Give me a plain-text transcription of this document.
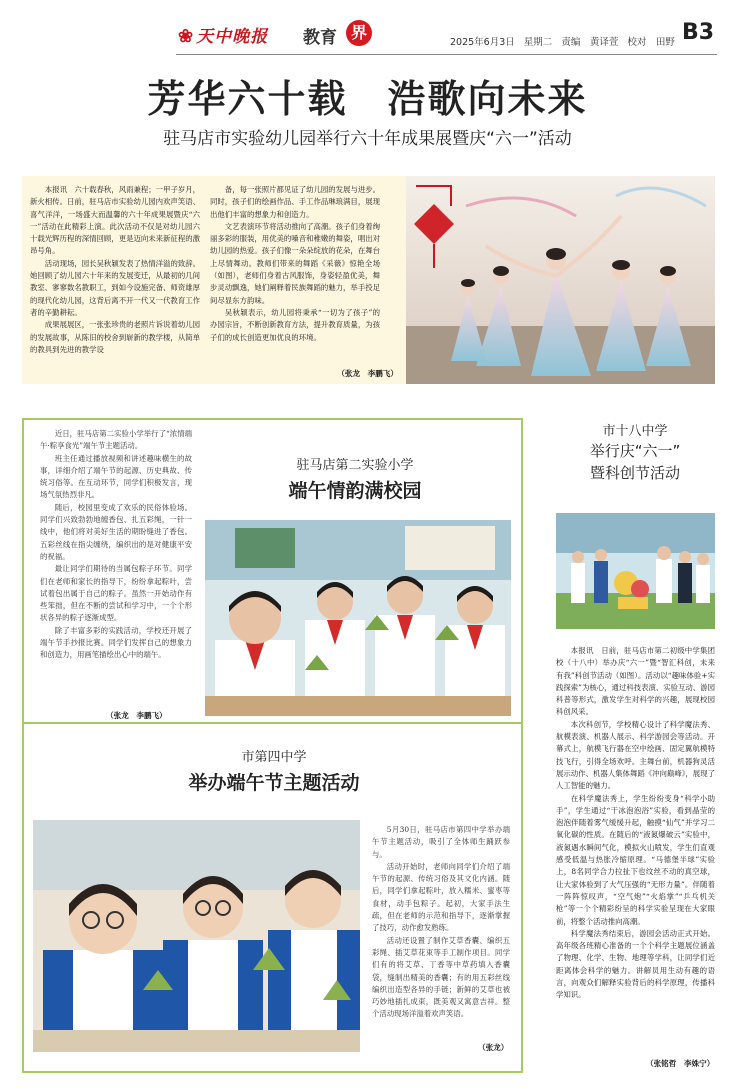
❀ 天中晚报 教育 界
2025年6月3日 星期二 责编　黄译萱 校对　田野 B3
芳华六十载　浩歌向未来
驻马店市实验幼儿园举行六十年成果展暨庆“六一”活动

本报讯　六十载春秋，风雨兼程；一甲子岁月，新火相传。日前，驻马店市实验幼儿园内欢声笑语、喜气洋洋，一场盛大而温馨的六十年成果展暨庆“六一”活动在此精彩上演。此次活动不仅是对幼儿园六十载光辉历程的深情回顾，更是迈向未来新征程的激昂号角。

活动现场，园长吴秋颖发表了热情洋溢的致辞。她回顾了幼儿园六十年来的发展变迁，从最初的几间教室、寥寥数名教职工，到如今设施完备、师资雄厚的现代化幼儿园，这背后离不开一代又一代教育工作者的辛勤耕耘。

成果展展区，一张张珍贵的老照片诉说着幼儿园的发展故事，从陈旧的校舍到崭新的教学楼，从简单的教具到先进的教学设

备，每一张照片都见证了幼儿园的发展与进步。同时，孩子们的绘画作品、手工作品琳琅满目，展现出他们丰富的想象力和创造力。

文艺表演环节将活动推向了高潮。孩子们身着绚丽多彩的服装，用优美的嗓音和稚嫩的舞姿，唱出对幼儿园的热爱。孩子们像一朵朵绽放的花朵，在舞台上尽情舞动。教师们带来的舞蹈《采薇》惊艳全场（如图），老师们身着古风服饰，身姿轻盈优美，舞步灵动飘逸，她们阐释着民族舞蹈的魅力，举手投足间尽显东方韵味。

吴秋颖表示，幼儿园将秉承“一切为了孩子”的办园宗旨，不断创新教育方法，提升教育质量，为孩子们的成长创造更加优良的环境。

（张龙　李鹏飞）

近日，驻马店第二实验小学举行了“浓情端午·粽享食光”端午节主题活动。

班主任通过播放视频和讲述趣味横生的故事，详细介绍了端午节的起源、历史典故、传统习俗等。在互动环节，同学们积极发言，现场气氛热烈非凡。

随后，校园里变成了欢乐的民俗体验场。同学们兴致勃勃地缠香包、扎五彩绳，一针一线中，他们将对美好生活的期盼缝进了香包。五彩丝线在指尖缠绕，编织出的是对健康平安的祝福。

最让同学们期待的当属包粽子环节。同学们在老师和家长的指导下，纷纷拿起粽叶，尝试着包出属于自己的粽子。虽然一开始动作有些笨拙，但在不断的尝试和学习中，一个个形状各异的粽子逐渐成型。

除了丰富多彩的实践活动，学校还开展了端午节手抄报比赛。同学们发挥自己的想象力和创造力，用画笔描绘出心中的端午。

（张龙　李鹏飞）
驻马店第二实验小学
端午情韵满校园
市第四中学
举办端午节主题活动

5月30日，驻马店市第四中学举办端午节主题活动，吸引了全体师生踊跃参与。

活动开始时，老师向同学们介绍了端午节的起源、传统习俗及其文化内涵。随后，同学们拿起粽叶，放入糯米、蜜枣等食材，动手包粽子。起初，大家手法生疏，但在老师的示范和指导下，逐渐掌握了技巧，动作愈发熟练。

活动还设置了制作艾草香囊、编织五彩绳、插艾草花束等手工制作项目。同学们有的将艾草、丁香等中草药填入香囊袋，缝制出精美的香囊；有的用五彩丝线编织出造型各异的手链；新鲜的艾草也被巧妙地插扎成束，既美观又寓意吉祥。整个活动现场洋溢着欢声笑语。

（张龙）
市十八中学
举行庆“六一”
暨科创节活动

本报讯　日前，驻马店市第二初级中学集团校（十八中）举办庆“六一”暨“智汇科创，未来有我”科创节活动（如图）。活动以“趣味体验+实践探索”为核心，通过科技表演、实验互动、游园科普等形式，激发学生对科学的兴趣，展现校园科创风采。

本次科创节，学校精心设计了科学魔法秀、航模表演、机器人展示、科学游园会等活动。开幕式上，航模飞行器在空中绘画、固定翼航模特技飞行，引得全场欢呼。主舞台前，机器狗灵活展示动作、机器人集体舞蹈《冲向巅峰》，展现了人工智能的魅力。

在科学魔法秀上，学生纷纷变身“科学小助手”，学生通过“干冰泡泡浴”实验，看到晶莹的泡泡伴随着雾气缓缓升起，触摸“仙气”并学习二氧化碳的性质。在随后的“液氮爆破云”实验中，液氮遇水瞬间气化，模拟火山喷发，学生们直观感受低温与热胀冷缩原理。“马德堡半球”实验上，8名同学合力拉扯下也纹丝不动的真空球，让大家体验到了大气压强的“无形力量”。伴随着一阵阵惊叹声，“空气炮”“火焰掌”“乒乓机关枪”等一个个精彩纷呈的科学实验呈现在大家眼前，将整个活动推向高潮。

科学魔法秀结束后，游园会活动正式开始。高年级各班精心准备的一个个科学主题展位涵盖了物理、化学、生物、地理等学科，让同学们近距离体会科学的魅力。讲解员用生动有趣的语言，向观众们解释实验背后的科学原理，传播科学知识。

（张铭哲　李姝宁）
